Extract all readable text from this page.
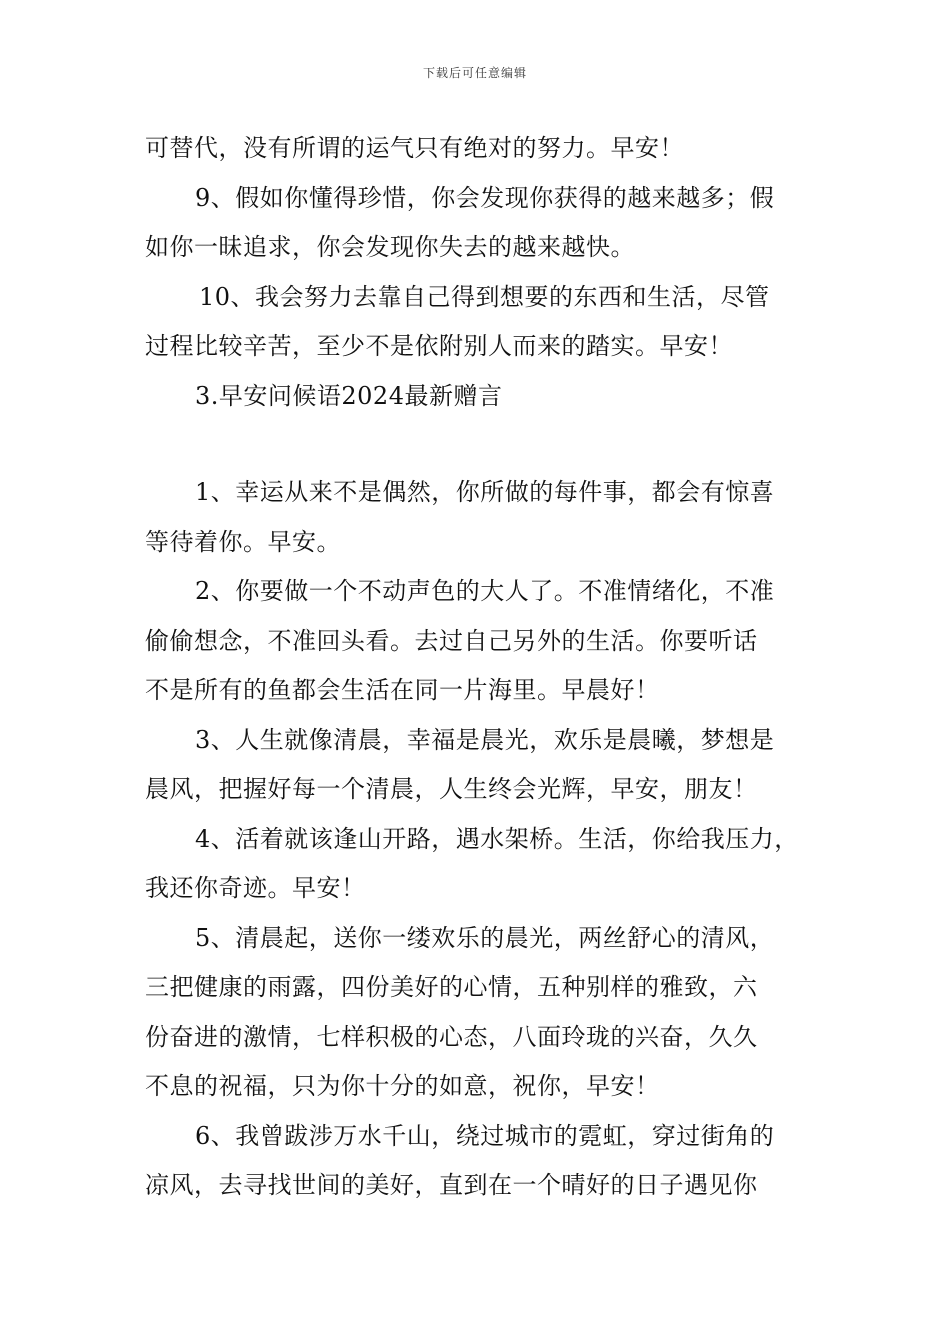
下载后可任意编辑
可替代，没有所谓的运气只有绝对的努力。早安！
9、假如你懂得珍惜，你会发现你获得的越来越多；假
如你一昧追求，你会发现你失去的越来越快。
10、我会努力去靠自己得到想要的东西和生活，尽管
过程比较辛苦，至少不是依附别人而来的踏实。早安！
3.早安问候语2024最新赠言
1、幸运从来不是偶然，你所做的每件事，都会有惊喜
等待着你。早安。
2、你要做一个不动声色的大人了。不准情绪化，不准
偷偷想念，不准回头看。去过自己另外的生活。你要听话
不是所有的鱼都会生活在同一片海里。早晨好！
3、人生就像清晨，幸福是晨光，欢乐是晨曦，梦想是
晨风，把握好每一个清晨，人生终会光辉，早安，朋友！
4、活着就该逢山开路，遇水架桥。生活，你给我压力，
我还你奇迹。早安！
5、清晨起，送你一缕欢乐的晨光，两丝舒心的清风，
三把健康的雨露，四份美好的心情，五种别样的雅致，六
份奋进的激情，七样积极的心态，八面玲珑的兴奋，久久
不息的祝福，只为你十分的如意，祝你，早安！
6、我曾跋涉万水千山，绕过城市的霓虹，穿过街角的
凉风，去寻找世间的美好，直到在一个晴好的日子遇见你
